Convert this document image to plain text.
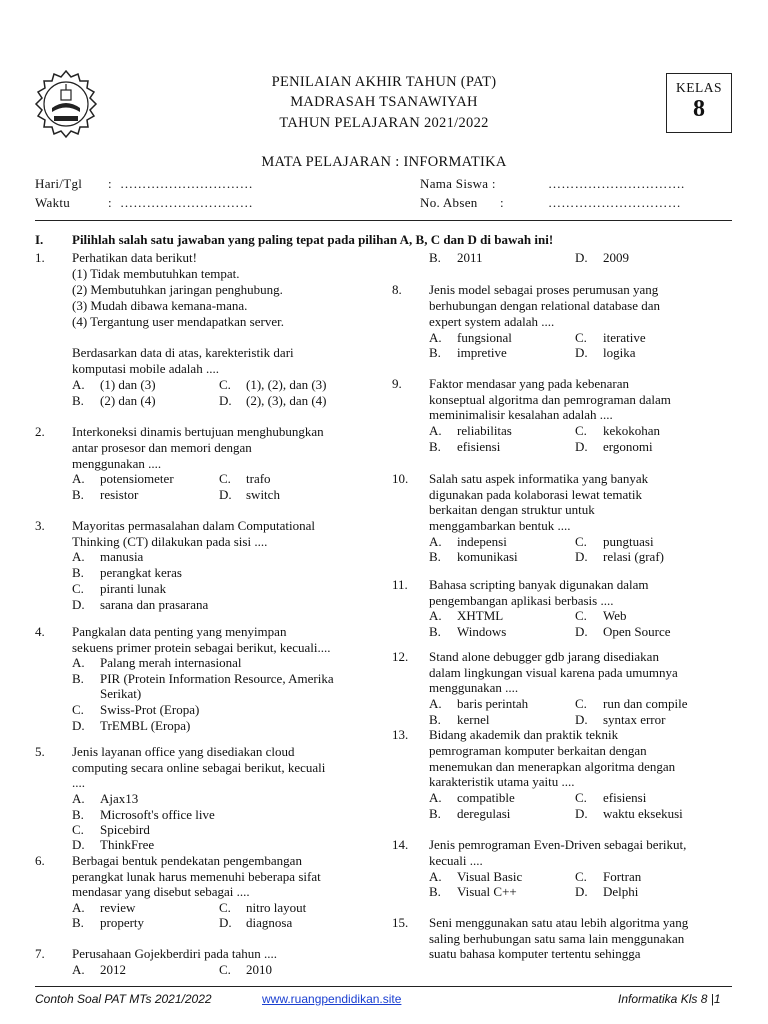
PENILAIAN AKHIR TAHUN (PAT)
MADRASAH TSANAWIYAH
TAHUN PELAJARAN 2021/2022
KELAS
8
MATA PELAJARAN : INFORMATIKA
Hari/Tgl : …………………………
Waktu	: …………………………
Nama Siswa :	………………………….
No. Absen :	…………………………
I. Pilihlah salah satu jawaban yang paling tepat pada pilihan A, B, C dan D di bawah ini!
1. Perhatikan data berikut!
(1) Tidak membutuhkan tempat.
(2) Membutuhkan jaringan penghubung.
(3) Mudah dibawa kemana-mana.
(4) Tergantung user mendapatkan server.
Berdasarkan data di atas, karekteristik dari
komputasi mobile adalah ....
A. (1) dan (3)	C. (1), (2), dan (3)
B. (2) dan (4)	D. (2), (3), dan (4)
2. Interkoneksi dinamis bertujuan menghubungkan
antar prosesor dan memori dengan
menggunakan ....
A. potensiometer	C. trafo
B. resistor	D. switch
3. Mayoritas permasalahan dalam Computational
Thinking (CT) dilakukan pada sisi ....
A. manusia
B. perangkat keras
C. piranti lunak
D. sarana dan prasarana
4. Pangkalan data penting yang menyimpan
sekuens primer protein sebagai berikut, kecuali....
A. Palang merah internasional
B. PIR (Protein Information Resource, Amerika
Serikat)
C. Swiss-Prot (Eropa)
D. TrEMBL (Eropa)
5. Jenis layanan office yang disediakan cloud
computing secara online sebagai berikut, kecuali
....
A. Ajax13
B. Microsoft's office live
C. Spicebird
D. ThinkFree
6. Berbagai bentuk pendekatan pengembangan
perangkat lunak harus memenuhi beberapa sifat
mendasar yang disebut sebagai ....
A. review	C. nitro layout
B. property	D. diagnosa
7. Perusahaan Gojekberdiri pada tahun ....
A. 2012	C. 2010
B. 2011	D. 2009
8. Jenis model sebagai proses perumusan yang
berhubungan dengan relational database dan
expert system adalah ....
A. fungsional	C. iterative
B. impretive	D. logika
9. Faktor mendasar yang pada kebenaran
konseptual algoritma dan pemrograman dalam
meminimalisir kesalahan adalah ....
A. reliabilitas	C. kekokohan
B. efisiensi	D. ergonomi
10. Salah satu aspek informatika yang banyak
digunakan pada kolaborasi lewat tematik
berkaitan dengan struktur untuk
menggambarkan bentuk ....
A. indepensi	C. pungtuasi
B. komunikasi	D. relasi (graf)
11. Bahasa scripting banyak digunakan dalam
pengembangan aplikasi berbasis ....
A. XHTML	C. Web
B. Windows	D. Open Source
12. Stand alone debugger gdb jarang disediakan
dalam lingkungan visual karena pada umumnya
menggunakan ....
A. baris perintah	C. run dan compile
B. kernel	D. syntax error
13. Bidang akademik dan praktik teknik
pemrograman komputer berkaitan dengan
menemukan dan menerapkan algoritma dengan
karakteristik utama yaitu ....
A. compatible	C. efisiensi
B. deregulasi	D. waktu eksekusi
14. Jenis pemrograman Even-Driven sebagai berikut,
kecuali ....
A. Visual Basic	C. Fortran
B. Visual C++	D. Delphi
15. Seni menggunakan satu atau lebih algoritma yang
saling berhubungan satu sama lain menggunakan
suatu bahasa komputer tertentu sehingga
Contoh Soal PAT MTs 2021/2022	www.ruangpendidikan.site	Informatika Kls 8 |1
